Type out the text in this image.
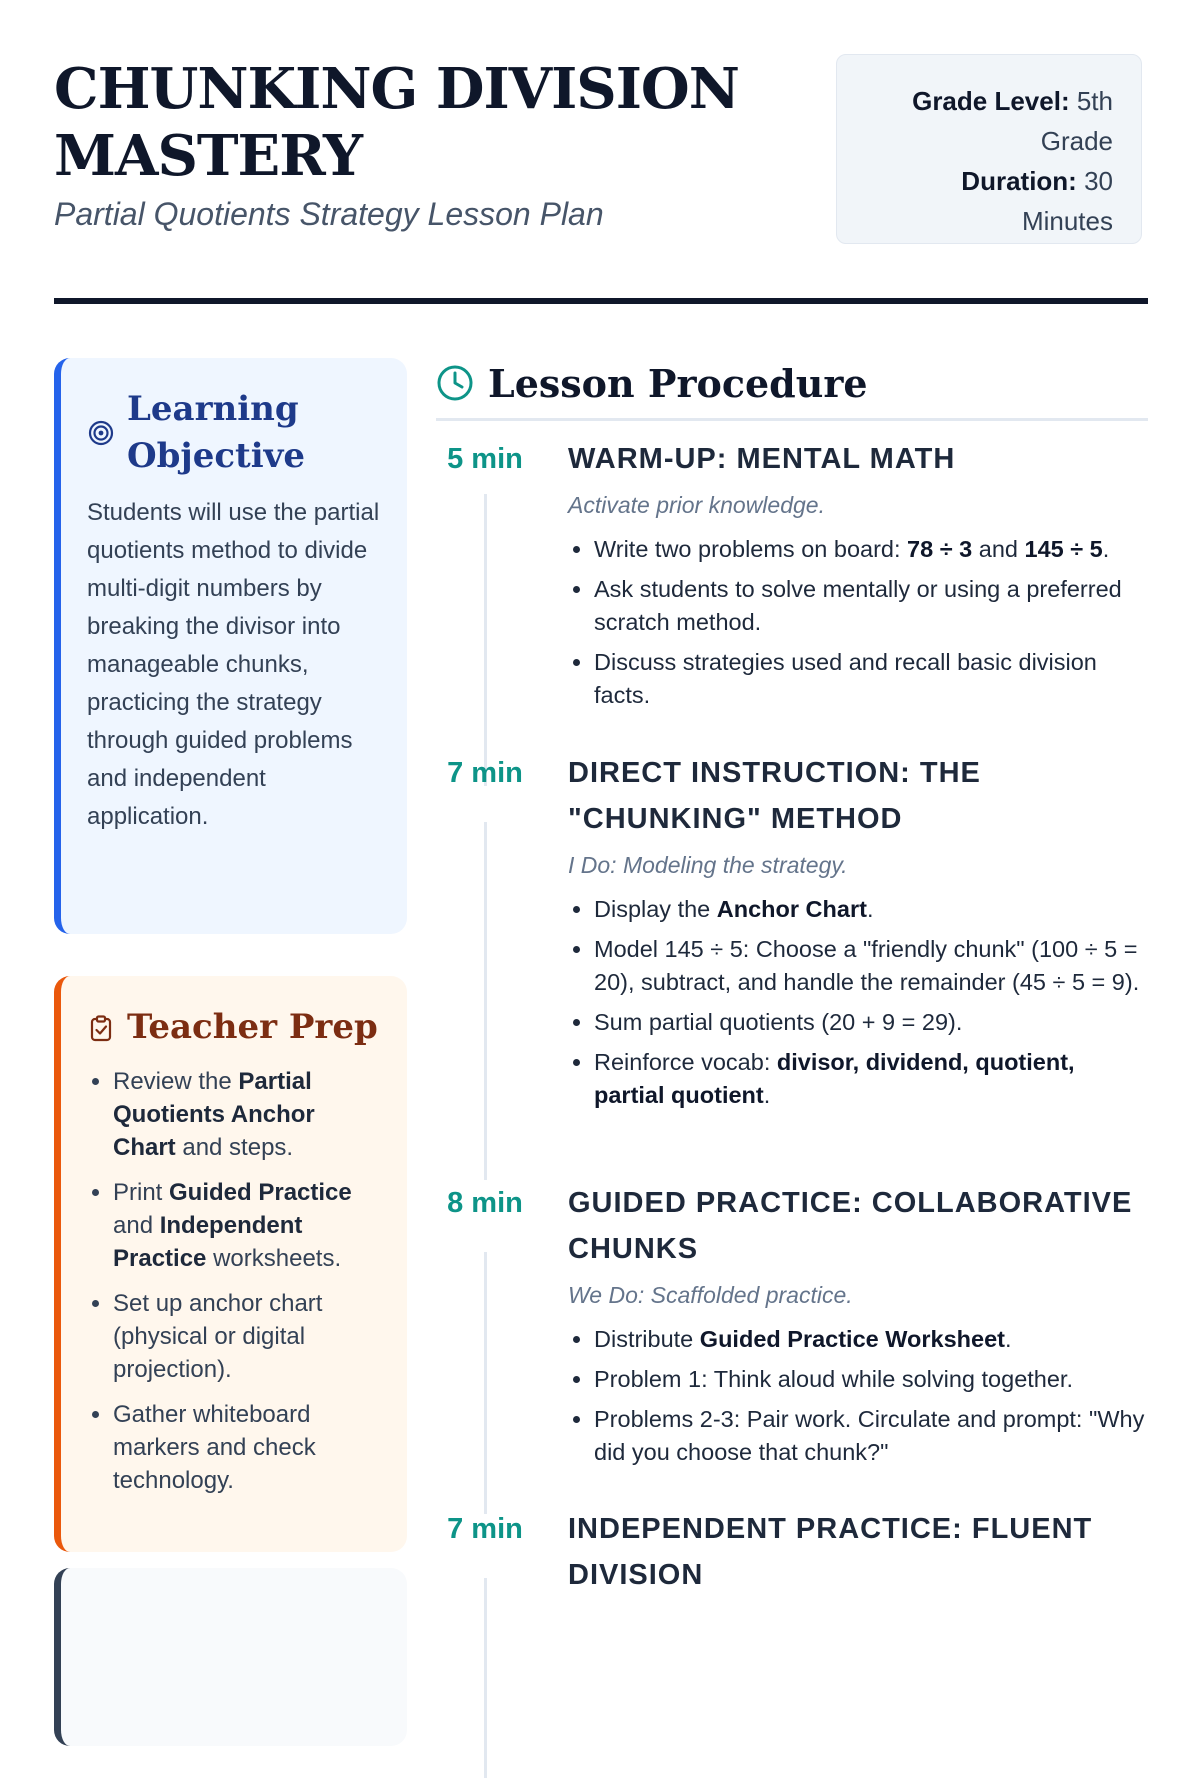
CHUNKING DIVISION MASTERY

Partial Quotients Strategy Lesson Plan

Grade Level: 5th Grade
Duration: 30 Minutes
Learning Objective
Students will use the partial quotients method to divide multi-digit numbers by breaking the divisor into manageable chunks, practicing the strategy through guided problems and independent application.
Teacher Prep
• Review the Partial Quotients Anchor Chart and steps.
• Print Guided Practice and Independent Practice worksheets.
• Set up anchor chart (physical or digital projection).
• Gather whiteboard markers and check technology.
Lesson Procedure
5 min	WARM-UP: MENTAL MATH
Activate prior knowledge.
• Write two problems on board: 78 ÷ 3 and 145 ÷ 5.
• Ask students to solve mentally or using a preferred scratch method.
• Discuss strategies used and recall basic division facts.
7 min	DIRECT INSTRUCTION: THE "CHUNKING" METHOD
I Do: Modeling the strategy.
• Display the Anchor Chart.
• Model 145 ÷ 5: Choose a "friendly chunk" (100 ÷ 5 = 20), subtract, and handle the remainder (45 ÷ 5 = 9).
• Sum partial quotients (20 + 9 = 29).
• Reinforce vocab: divisor, dividend, quotient, partial quotient.
8 min	GUIDED PRACTICE: COLLABORATIVE CHUNKS
We Do: Scaffolded practice.
• Distribute Guided Practice Worksheet.
• Problem 1: Think aloud while solving together.
• Problems 2-3: Pair work. Circulate and prompt: "Why did you choose that chunk?"
7 min	INDEPENDENT PRACTICE: FLUENT DIVISION
